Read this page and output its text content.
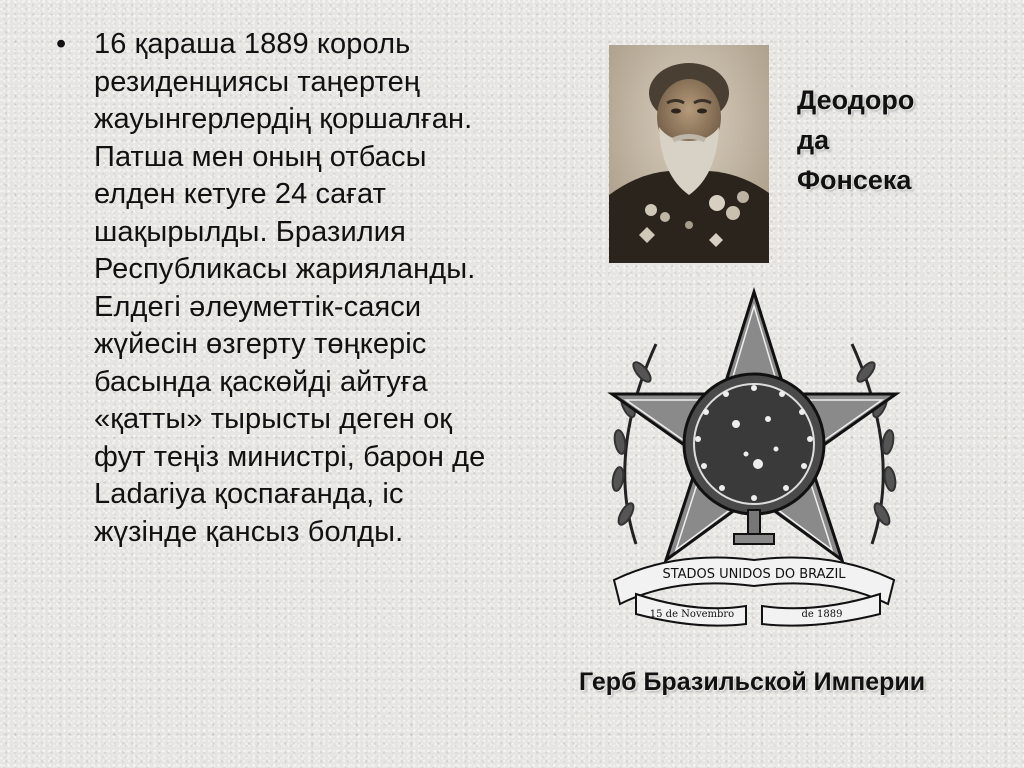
• 16 қараша 1889 король
резиденциясы таңертең
жауынгерлердің қоршалған.
Патша мен оның отбасы
елден кетуге 24 сағат
шақырылды. Бразилия
Республикасы жарияланды.
Елдегі әлеуметтік-саяси
жүйесін өзгерту төңкеріс
басында қаскөйді айтуға
«қатты» тырысты деген оқ
фут теңіз министрі, барон де
Ladariya қоспағанда, іс
жүзінде қансыз болды.
Деодоро
да
Фонсека
STADOS UNIDOS DO BRAZIL
15 de Novembro	de 1889
Герб Бразильской Империи
